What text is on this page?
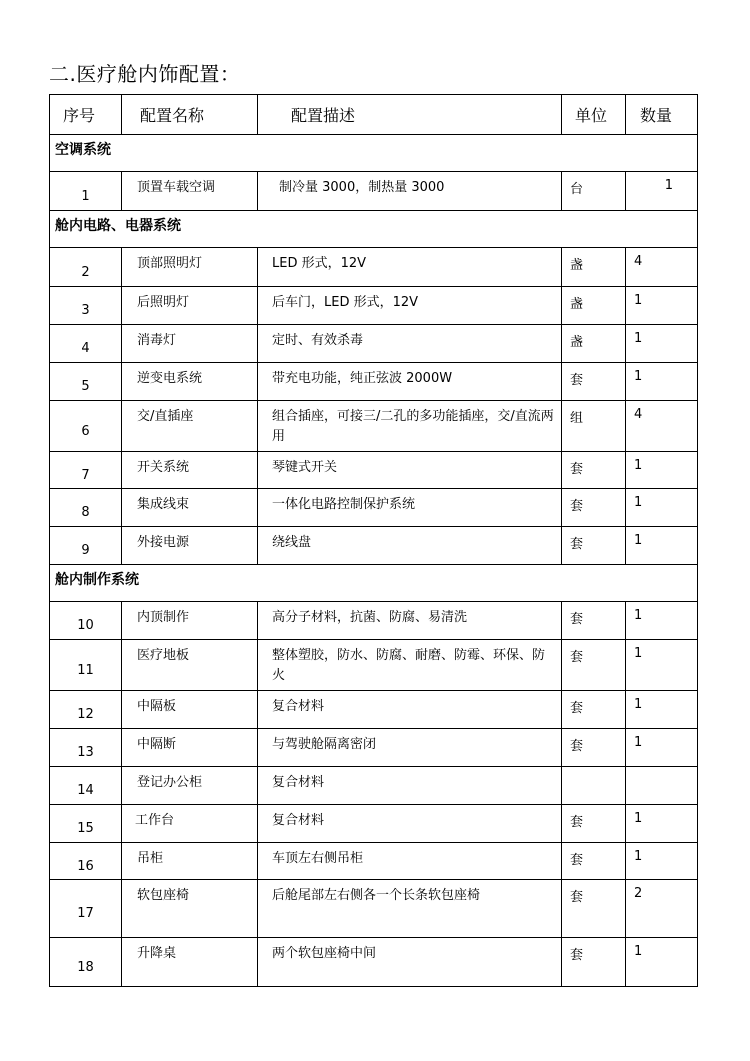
二.医疗舱内饰配置：
序号	配置名称	配置描述	单位	数量
空调系统				
1	顶置车载空调	制冷量 3000，制热量 3000	台	1
舱内电路、电器系统				
2	顶部照明灯	LED 形式，12V	盏	4
3	后照明灯	后车门，LED 形式，12V	盏	1
4	消毒灯	定时、有效杀毒	盏	1
5	逆变电系统	带充电功能，纯正弦波 2000W	套	1
6	交/直插座	组合插座，可接三/二孔的多功能插座，交/直流两用	组	4
7	开关系统	琴键式开关	套	1
8	集成线束	一体化电路控制保护系统	套	1
9	外接电源	绕线盘	套	1
舱内制作系统				
10	内顶制作	高分子材料，抗菌、防腐、易清洗	套	1
11	医疗地板	整体塑胶，防水、防腐、耐磨、防霉、环保、防火	套	1
12	中隔板	复合材料	套	1
13	中隔断	与驾驶舱隔离密闭	套	1
14	登记办公柜	复合材料		
15	工作台	复合材料	套	1
16	吊柜	车顶左右侧吊柜	套	1
17	软包座椅	后舱尾部左右侧各一个长条软包座椅	套	2
18	升降桌	两个软包座椅中间	套	1
